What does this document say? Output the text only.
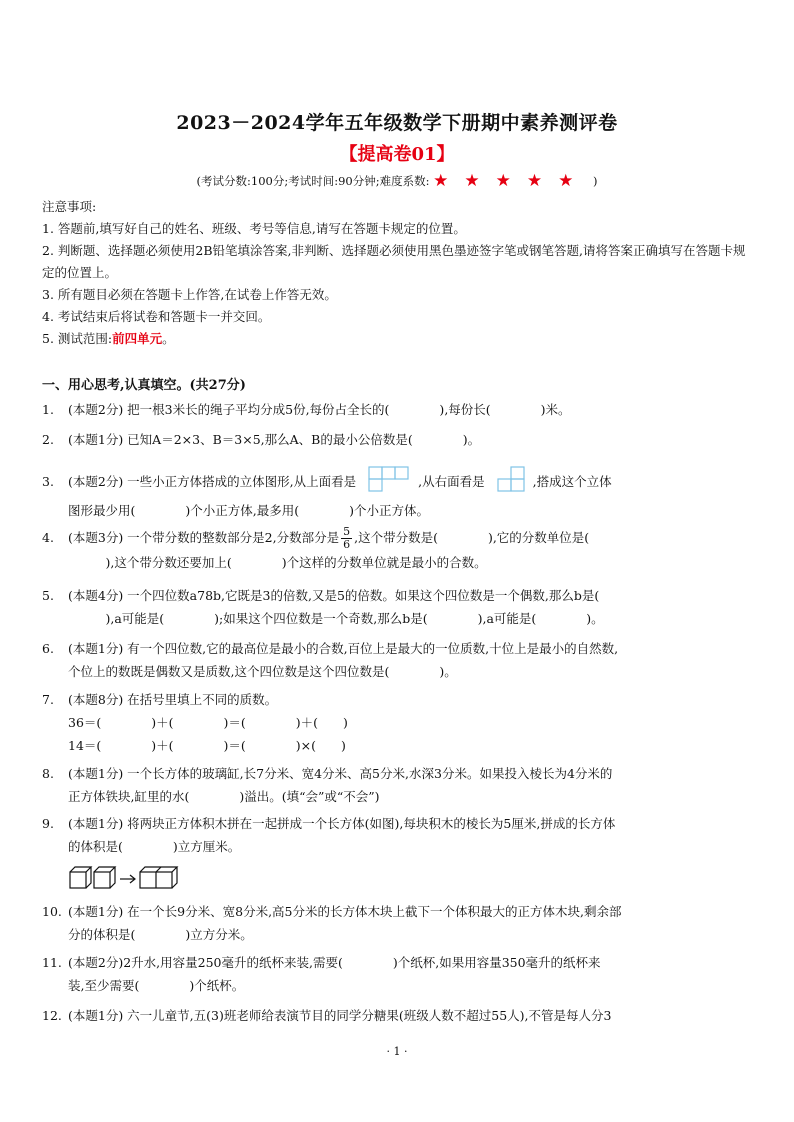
2023－2024学年五年级数学下册期中素养测评卷
【提高卷01】
(考试分数:100分;考试时间:90分钟;难度系数: ★★★★★ )
注意事项:
1. 答题前,填写好自己的姓名、班级、考号等信息,请写在答题卡规定的位置。
2. 判断题、选择题必须使用2B铅笔填涂答案,非判断、选择题必须使用黑色墨迹签字笔或钢笔答题,请将答案正确填写在答题卡规定的位置上。
3. 所有题目必须在答题卡上作答,在试卷上作答无效。
4. 考试结束后将试卷和答题卡一并交回。
5. 测试范围:前四单元。
一、用心思考,认真填空。(共27分)
1. (本题2分) 把一根3米长的绳子平均分成5份,每份占全长的(　　　　),每份长(　　　　)米。
2. (本题1分) 已知A＝2×3、B＝3×5,那么A、B的最小公倍数是(　　　　)。
3. (本题2分) 一些小正方体搭成的立体图形,从上面看是	,从右面看是	,搭成这个立体
图形最少用(　　　　)个小正方体,最多用(　　　　)个小正方体。
4. (本题3分) 一个带分数的整数部分是2,分数部分是 $\frac{5}{6}$ ,这个带分数是(　　　　),它的分数单位是(
　　　),这个带分数还要加上(　　　　)个这样的分数单位就是最小的合数。
5. (本题4分) 一个四位数a78b,它既是3的倍数,又是5的倍数。如果这个四位数是一个偶数,那么b是(
　　　),a可能是(　　　　);如果这个四位数是一个奇数,那么b是(　　　　),a可能是(　　　　)。
6. (本题1分) 有一个四位数,它的最高位是最小的合数,百位上是最大的一位质数,十位上是最小的自然数,
个位上的数既是偶数又是质数,这个四位数是这个四位数是(　　　　)。
7. (本题8分) 在括号里填上不同的质数。
36＝(　　　　)＋(　　　　)＝(　　　　)＋(　　)
14＝(　　　　)＋(　　　　)＝(　　　　)×(　　)
8. (本题1分) 一个长方体的玻璃缸,长7分米、宽4分米、高5分米,水深3分米。如果投入棱长为4分米的
正方体铁块,缸里的水(　　　　)溢出。(填“会”或“不会”)
9. (本题1分) 将两块正方体积木拼在一起拼成一个长方体(如图),每块积木的棱长为5厘米,拼成的长方体
的体积是(　　　　)立方厘米。
10. (本题1分) 在一个长9分米、宽8分米,高5分米的长方体木块上截下一个体积最大的正方体木块,剩余部
分的体积是(　　　　)立方分米。
11. (本题2分)2升水,用容量250毫升的纸杯来装,需要(　　　　)个纸杯,如果用容量350毫升的纸杯来
装,至少需要(　　　　)个纸杯。
12. (本题1分) 六一儿童节,五(3)班老师给表演节目的同学分糖果(班级人数不超过55人),不管是每人分3
· 1 ·
